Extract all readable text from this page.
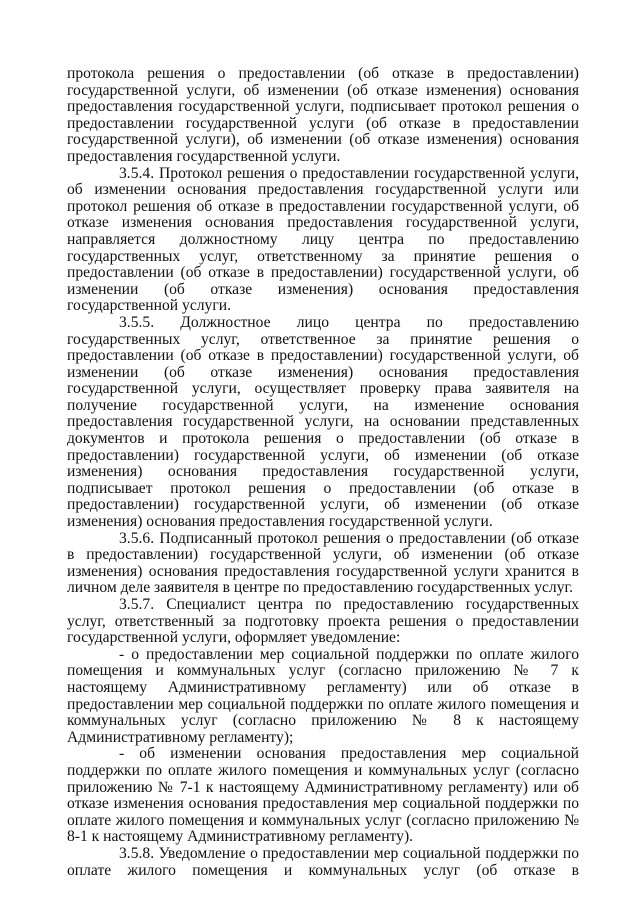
протокола решения о предоставлении (об отказе в предоставлении) государственной услуги, об изменении (об отказе изменения) основания предоставления государственной услуги, подписывает протокол решения о предоставлении государственной услуги (об отказе в предоставлении государственной услуги), об изменении (об отказе изменения) основания предоставления государственной услуги.

3.5.4. Протокол решения о предоставлении государственной услуги, об изменении основания предоставления государственной услуги или протокол решения об отказе в предоставлении государственной услуги, об отказе изменения основания предоставления государственной услуги, направляется должностному лицу центра по предоставлению государственных услуг, ответственному за принятие решения о предоставлении (об отказе в предоставлении) государственной услуги, об изменении (об отказе изменения) основания предоставления государственной услуги.

3.5.5. Должностное лицо центра по предоставлению государственных услуг, ответственное за принятие решения о предоставлении (об отказе в предоставлении) государственной услуги, об изменении (об отказе изменения) основания предоставления государственной услуги, осуществляет проверку права заявителя на получение государственной услуги, на изменение основания предоставления государственной услуги, на основании представленных документов и протокола решения о предоставлении (об отказе в предоставлении) государственной услуги, об изменении (об отказе изменения) основания предоставления государственной услуги, подписывает протокол решения о предоставлении (об отказе в предоставлении) государственной услуги, об изменении (об отказе изменения) основания предоставления государственной услуги.

3.5.6. Подписанный протокол решения о предоставлении (об отказе в предоставлении) государственной услуги, об изменении (об отказе изменения) основания предоставления государственной услуги хранится в личном деле заявителя в центре по предоставлению государственных услуг.

3.5.7. Специалист центра по предоставлению государственных услуг, ответственный за подготовку проекта решения о предоставлении государственной услуги, оформляет уведомление:

- о предоставлении мер социальной поддержки по оплате жилого помещения и коммунальных услуг (согласно приложению № 7 к настоящему Административному регламенту) или об отказе в предоставлении мер социальной поддержки по оплате жилого помещения и коммунальных услуг (согласно приложению № 8 к настоящему Административному регламенту);

- об изменении основания предоставления мер социальной поддержки по оплате жилого помещения и коммунальных услуг (согласно приложению № 7-1 к настоящему Административному регламенту) или об отказе изменения основания предоставления мер социальной поддержки по оплате жилого помещения и коммунальных услуг (согласно приложению № 8-1 к настоящему Административному регламенту).

3.5.8. Уведомление о предоставлении мер социальной поддержки по оплате жилого помещения и коммунальных услуг (об отказе в
